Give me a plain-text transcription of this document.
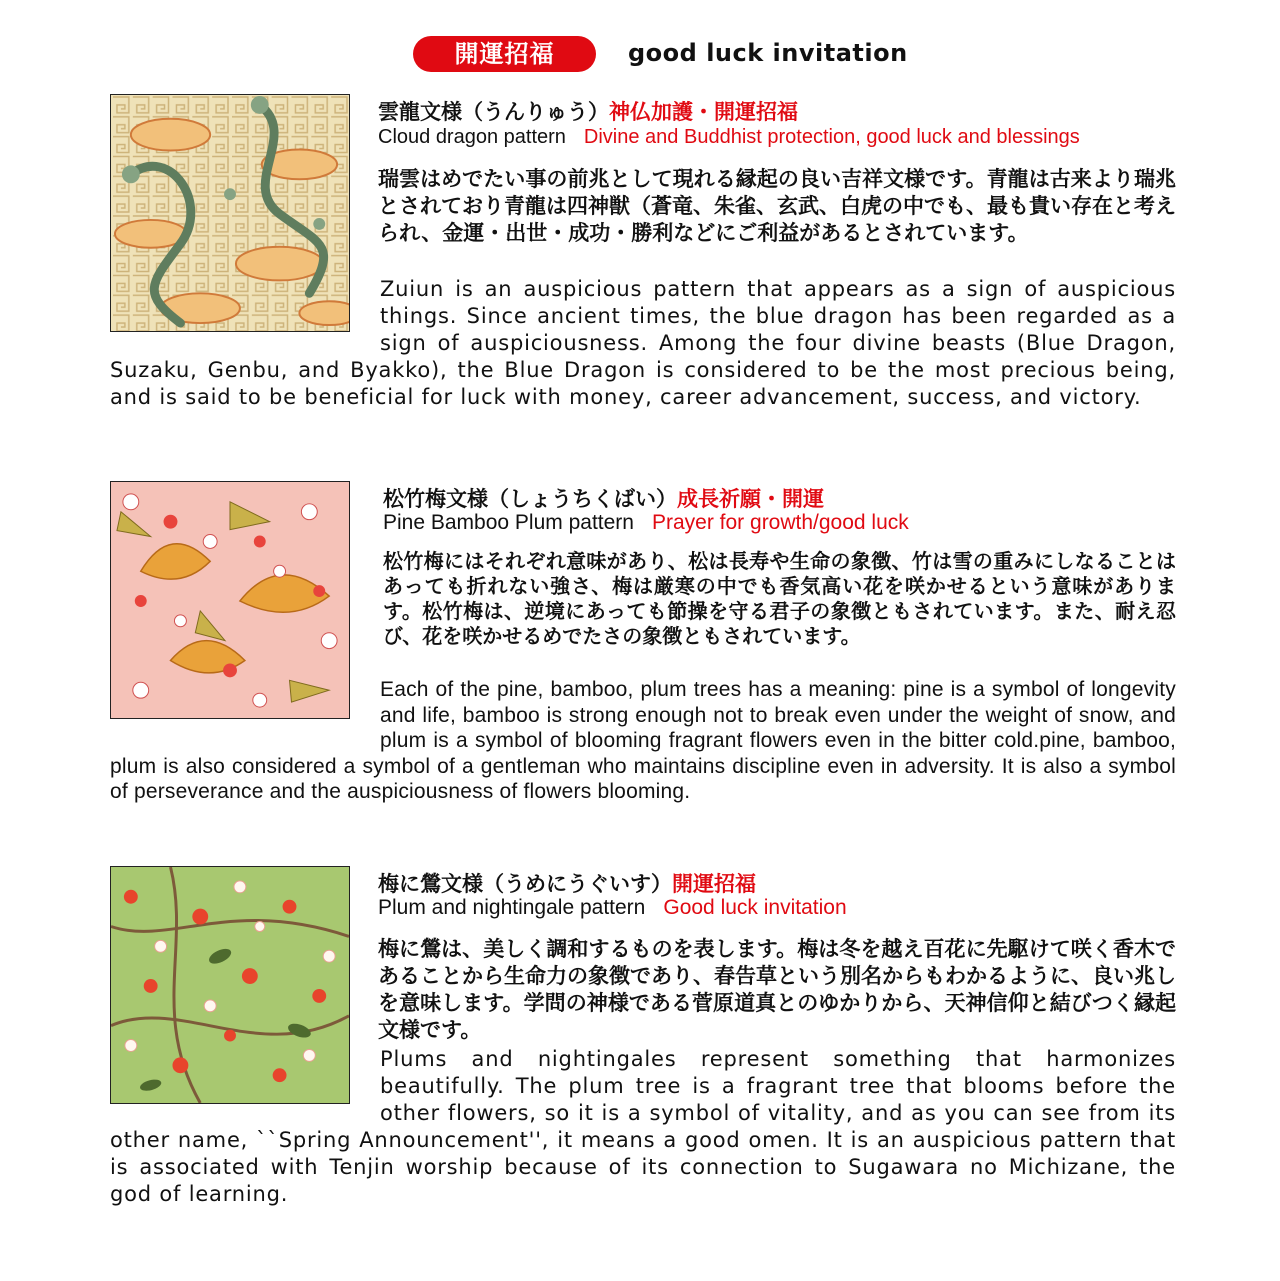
開運招福	good luck invitation
雲龍文様（うんりゅう）神仏加護・開運招福
Cloud dragon pattern Divine and Buddhist protection, good luck and blessings
瑞雲はめでたい事の前兆として現れる縁起の良い吉祥文様です。青龍は古来より瑞兆とされており青龍は四神獣（蒼竜、朱雀、玄武、白虎の中でも、最も貴い存在と考えられ、金運・出世・成功・勝利などにご利益があるとされています。
Zuiun is an auspicious pattern that appears as a sign of auspicious things. Since ancient times, the blue dragon has been regarded as a sign of auspiciousness. Among the four divine beasts (Blue Dragon, Suzaku, Genbu, and Byakko), the Blue Dragon is considered to be the most precious being, and is said to be beneficial for luck with money, career advancement, success, and victory.
松竹梅文様（しょうちくばい）成長祈願・開運
Pine Bamboo Plum pattern Prayer for growth/good luck
松竹梅にはそれぞれ意味があり、松は長寿や生命の象徴、竹は雪の重みにしなることはあっても折れない強さ、梅は厳寒の中でも香気高い花を咲かせるという意味があります。松竹梅は、逆境にあっても節操を守る君子の象徴ともされています。また、耐え忍び、花を咲かせるめでたさの象徴ともされています。
Each of the pine, bamboo, plum trees has a meaning: pine is a symbol of longevity and life, bamboo is strong enough not to break even under the weight of snow, and plum is a symbol of blooming fragrant flowers even in the bitter cold.pine, bamboo, plum is also considered a symbol of a gentleman who maintains discipline even in adversity. It is also a symbol of perseverance and the auspiciousness of flowers blooming.
梅に鶯文様（うめにうぐいす）開運招福
Plum and nightingale pattern Good luck invitation
梅に鶯は、美しく調和するものを表します。梅は冬を越え百花に先駆けて咲く香木であることから生命力の象徴であり、春告草という別名からもわかるように、良い兆しを意味します。学問の神様である菅原道真とのゆかりから、天神信仰と結びつく縁起文様です。
Plums and nightingales represent something that harmonizes beautifully. The plum tree is a fragrant tree that blooms before the other flowers, so it is a symbol of vitality, and as you can see from its other name, ``Spring Announcement'', it means a good omen. It is an auspicious pattern that is associated with Tenjin worship because of its connection to Sugawara no Michizane, the god of learning.
